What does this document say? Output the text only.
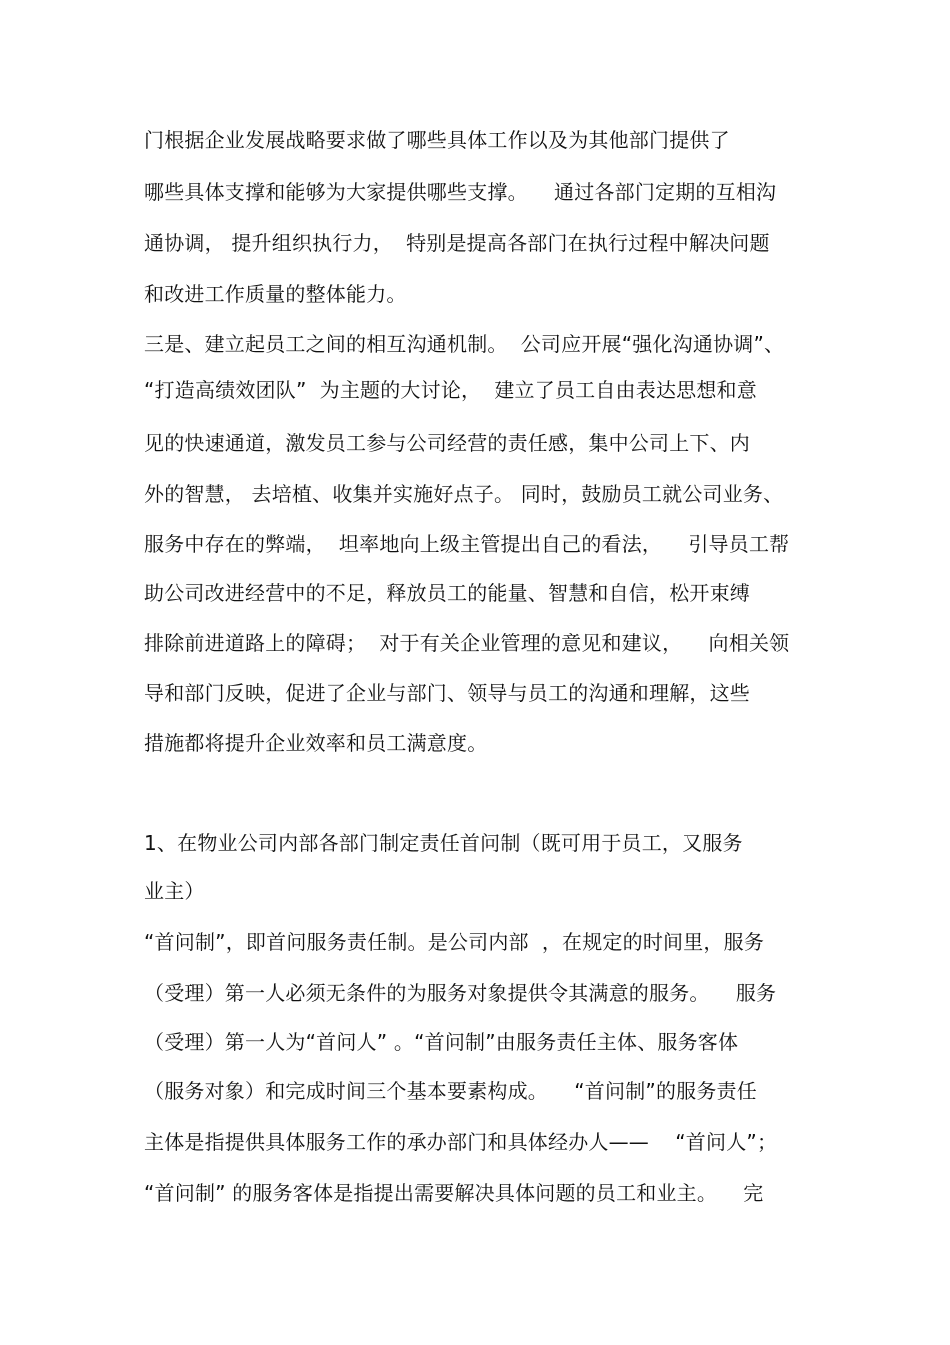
门根据企业发展战略要求做了哪些具体工作以及为其他部门提供了
哪些具体支撑和能够为大家提供哪些支撑。    通过各部门定期的互相沟
通协调， 提升组织执行力，  特别是提高各部门在执行过程中解决问题
和改进工作质量的整体能力。
三是、建立起员工之间的相互沟通机制。  公司应开展“强化沟通协调”、
“打造高绩效团队”  为主题的大讨论，  建立了员工自由表达思想和意
见的快速通道，激发员工参与公司经营的责任感，集中公司上下、内
外的智慧， 去培植、收集并实施好点子。 同时，鼓励员工就公司业务、
服务中存在的弊端，  坦率地向上级主管提出自己的看法，    引导员工帮
助公司改进经营中的不足，释放员工的能量、智慧和自信，松开束缚
排除前进道路上的障碍；  对于有关企业管理的意见和建议，    向相关领
导和部门反映，促进了企业与部门、领导与员工的沟通和理解，这些
措施都将提升企业效率和员工满意度。
1、在物业公司内部各部门制定责任首问制（既可用于员工，又服务
业主）
“首问制”，即首问服务责任制。是公司内部  ，在规定的时间里，服务
（受理）第一人必须无条件的为服务对象提供令其满意的服务。    服务
（受理）第一人为“首问人” 。“首问制”由服务责任主体、服务客体
（服务对象）和完成时间三个基本要素构成。    “首问制”的服务责任
主体是指提供具体服务工作的承办部门和具体经办人——    “首问人”；
“首问制” 的服务客体是指提出需要解决具体问题的员工和业主。    完
